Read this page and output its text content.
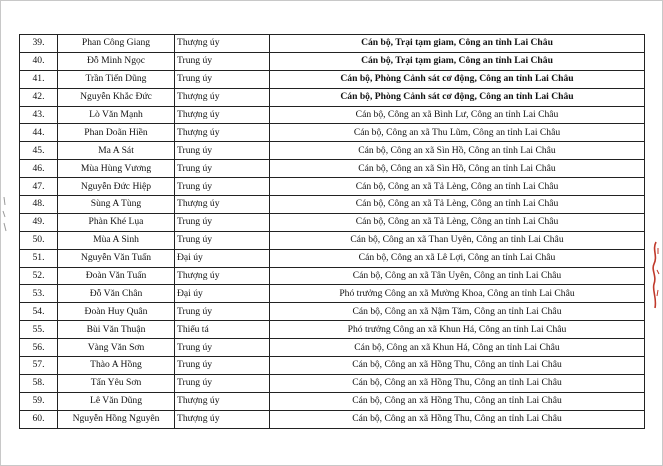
39.	Phan Công Giang	Thượng úy	Cán bộ, Trại tạm giam, Công an tỉnh Lai Châu
40.	Đỗ Minh Ngọc	Trung úy	Cán bộ, Trại tạm giam, Công an tỉnh Lai Châu
41.	Trần Tiến Dũng	Trung úy	Cán bộ, Phòng Cảnh sát cơ động, Công an tỉnh Lai Châu
42.	Nguyễn Khắc Đức	Thượng úy	Cán bộ, Phòng Cảnh sát cơ động, Công an tỉnh Lai Châu
43.	Lò Văn Mạnh	Thượng úy	Cán bộ, Công an xã Bình Lư, Công an tỉnh Lai Châu
44.	Phan Doãn Hiền	Thượng úy	Cán bộ, Công an xã Thu Lũm, Công an tỉnh Lai Châu
45.	Ma A Sát	Trung úy	Cán bộ, Công an xã Sìn Hồ, Công an tỉnh Lai Châu
46.	Mùa Hùng Vương	Trung úy	Cán bộ, Công an xã Sìn Hồ, Công an tỉnh Lai Châu
47.	Nguyễn Đức Hiệp	Trung úy	Cán bộ, Công an xã Tả Lèng, Công an tỉnh Lai Châu
48.	Sùng A Tùng	Thượng úy	Cán bộ, Công an xã Tả Lèng, Công an tỉnh Lai Châu
49.	Phàn Khé Lụa	Trung úy	Cán bộ, Công an xã Tả Lèng, Công an tỉnh Lai Châu
50.	Mùa A Sinh	Trung úy	Cán bộ, Công an xã Than Uyên, Công an tỉnh Lai Châu
51.	Nguyễn Văn Tuấn	Đại úy	Cán bộ, Công an xã Lê Lợi, Công an tỉnh Lai Châu
52.	Đoàn Văn Tuấn	Thượng úy	Cán bộ, Công an xã Tân Uyên, Công an tỉnh Lai Châu
53.	Đỗ Văn Chân	Đại úy	Phó trưởng Công an xã Mường Khoa, Công an tỉnh Lai Châu
54.	Đoàn Huy Quân	Trung úy	Cán bộ, Công an xã Nậm Tăm, Công an tỉnh Lai Châu
55.	Bùi Văn Thuận	Thiếu tá	Phó trưởng Công an xã Khun Há, Công an tỉnh Lai Châu
56.	Vàng Văn Sơn	Trung úy	Cán bộ, Công an xã Khun Há, Công an tỉnh Lai Châu
57.	Thào A Hồng	Trung úy	Cán bộ, Công an xã Hồng Thu, Công an tỉnh Lai Châu
58.	Tẩn Yêu Sơn	Trung úy	Cán bộ, Công an xã Hồng Thu, Công an tỉnh Lai Châu
59.	Lê Văn Dũng	Thượng úy	Cán bộ, Công an xã Hồng Thu, Công an tỉnh Lai Châu
60.	Nguyễn Hồng Nguyên	Thượng úy	Cán bộ, Công an xã Hồng Thu, Công an tỉnh Lai Châu
